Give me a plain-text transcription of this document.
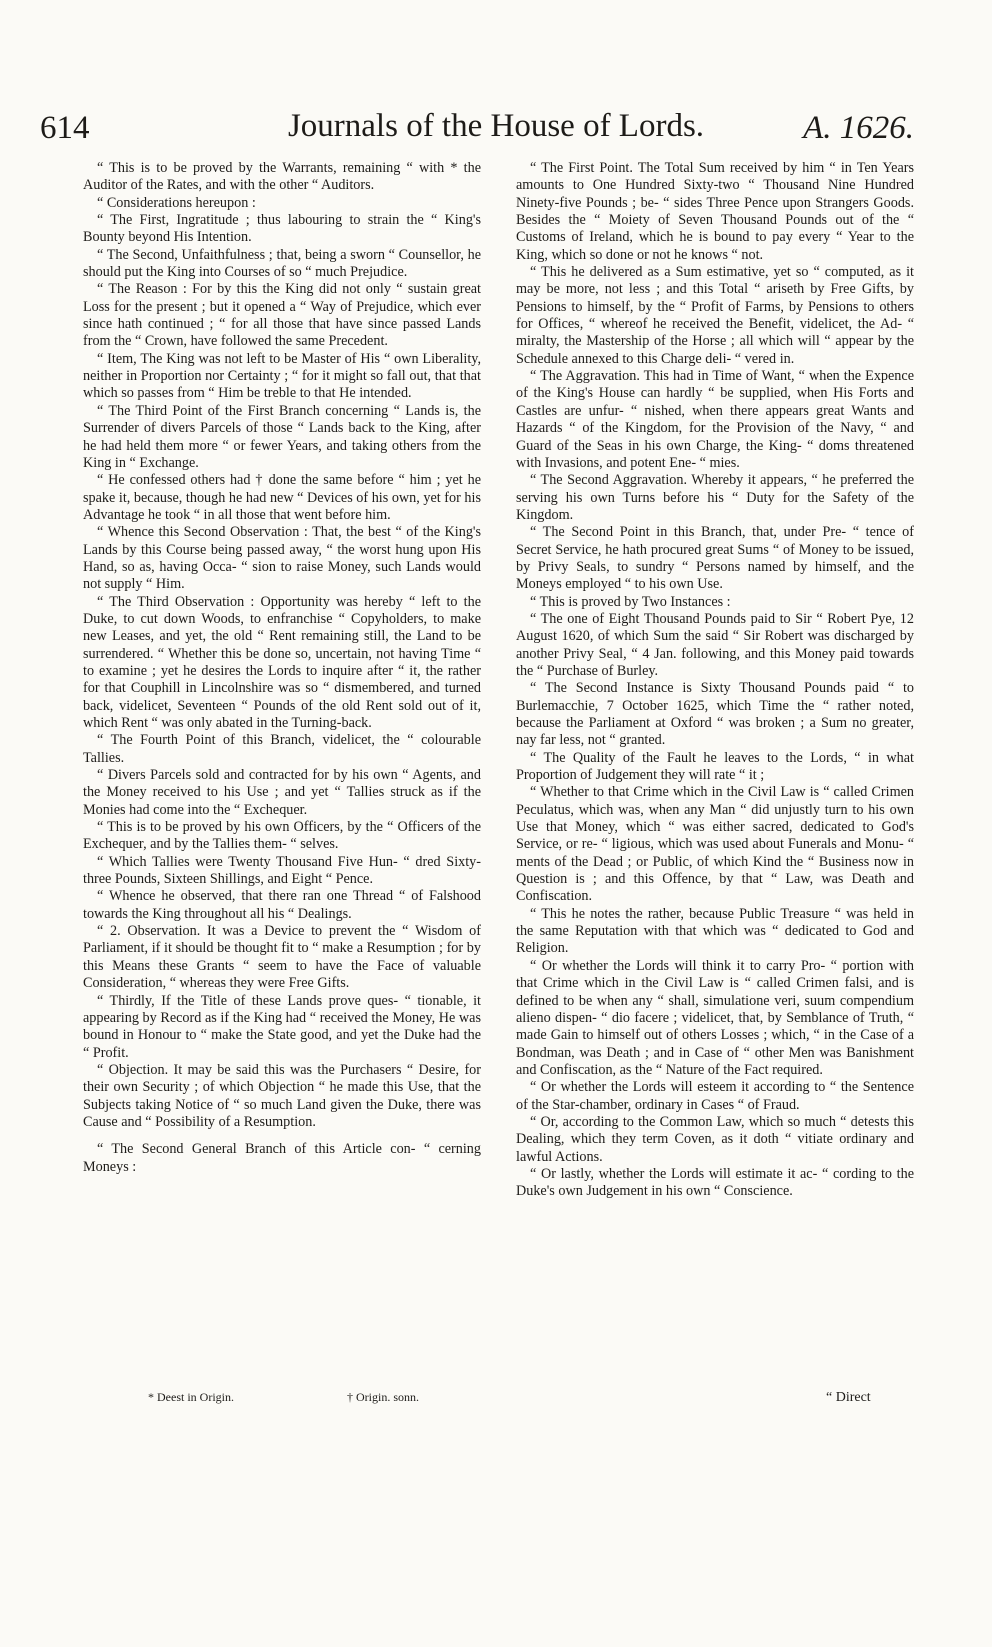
614	Journals of the House of Lords.	A. 1626.

“ This is to be proved by the Warrants, remaining “ with * the Auditor of the Rates, and with the other “ Auditors.

“ Considerations hereupon :

“ The First, Ingratitude ; thus labouring to strain the “ King's Bounty beyond His Intention.

“ The Second, Unfaithfulness ; that, being a sworn “ Counsellor, he should put the King into Courses of so “ much Prejudice.

“ The Reason : For by this the King did not only “ sustain great Loss for the present ; but it opened a “ Way of Prejudice, which ever since hath continued ; “ for all those that have since passed Lands from the “ Crown, have followed the same Precedent.

“ Item, The King was not left to be Master of His “ own Liberality, neither in Proportion nor Certainty ; “ for it might so fall out, that that which so passes from “ Him be treble to that He intended.

“ The Third Point of the First Branch concerning “ Lands is, the Surrender of divers Parcels of those “ Lands back to the King, after he had held them more “ or fewer Years, and taking others from the King in “ Exchange.

“ He confessed others had † done the same before “ him ; yet he spake it, because, though he had new “ Devices of his own, yet for his Advantage he took “ in all those that went before him.

“ Whence this Second Observation : That, the best “ of the King's Lands by this Course being passed away, “ the worst hung upon His Hand, so as, having Occa- “ sion to raise Money, such Lands would not supply “ Him.

“ The Third Observation : Opportunity was hereby “ left to the Duke, to cut down Woods, to enfranchise “ Copyholders, to make new Leases, and yet, the old “ Rent remaining still, the Land to be surrendered. “ Whether this be done so, uncertain, not having Time “ to examine ; yet he desires the Lords to inquire after “ it, the rather for that Couphill in Lincolnshire was so “ dismembered, and turned back, videlicet, Seventeen “ Pounds of the old Rent sold out of it, which Rent “ was only abated in the Turning-back.

“ The Fourth Point of this Branch, videlicet, the “ colourable Tallies.

“ Divers Parcels sold and contracted for by his own “ Agents, and the Money received to his Use ; and yet “ Tallies struck as if the Monies had come into the “ Exchequer.

“ This is to be proved by his own Officers, by the “ Officers of the Exchequer, and by the Tallies them- “ selves.

“ Which Tallies were Twenty Thousand Five Hun- “ dred Sixty-three Pounds, Sixteen Shillings, and Eight “ Pence.

“ Whence he observed, that there ran one Thread “ of Falshood towards the King throughout all his “ Dealings.

“ 2. Observation. It was a Device to prevent the “ Wisdom of Parliament, if it should be thought fit to “ make a Resumption ; for by this Means these Grants “ seem to have the Face of valuable Consideration, “ whereas they were Free Gifts.

“ Thirdly, If the Title of these Lands prove ques- “ tionable, it appearing by Record as if the King had “ received the Money, He was bound in Honour to “ make the State good, and yet the Duke had the “ Profit.

“ Objection. It may be said this was the Purchasers “ Desire, for their own Security ; of which Objection “ he made this Use, that the Subjects taking Notice of “ so much Land given the Duke, there was Cause and “ Possibility of a Resumption.

“ The Second General Branch of this Article con- “ cerning Moneys :

“ The First Point. The Total Sum received by him “ in Ten Years amounts to One Hundred Sixty-two “ Thousand Nine Hundred Ninety-five Pounds ; be- “ sides Three Pence upon Strangers Goods. Besides the “ Moiety of Seven Thousand Pounds out of the “ Customs of Ireland, which he is bound to pay every “ Year to the King, which so done or not he knows “ not.

“ This he delivered as a Sum estimative, yet so “ computed, as it may be more, not less ; and this Total “ ariseth by Free Gifts, by Pensions to himself, by the “ Profit of Farms, by Pensions to others for Offices, “ whereof he received the Benefit, videlicet, the Ad- “ miralty, the Mastership of the Horse ; all which will “ appear by the Schedule annexed to this Charge deli- “ vered in.

“ The Aggravation. This had in Time of Want, “ when the Expence of the King's House can hardly “ be supplied, when His Forts and Castles are unfur- “ nished, when there appears great Wants and Hazards “ of the Kingdom, for the Provision of the Navy, “ and Guard of the Seas in his own Charge, the King- “ doms threatened with Invasions, and potent Ene- “ mies.

“ The Second Aggravation. Whereby it appears, “ he preferred the serving his own Turns before his “ Duty for the Safety of the Kingdom.

“ The Second Point in this Branch, that, under Pre- “ tence of Secret Service, he hath procured great Sums “ of Money to be issued, by Privy Seals, to sundry “ Persons named by himself, and the Moneys employed “ to his own Use.

“ This is proved by Two Instances :

“ The one of Eight Thousand Pounds paid to Sir “ Robert Pye, 12 August 1620, of which Sum the said “ Sir Robert was discharged by another Privy Seal, “ 4 Jan. following, and this Money paid towards the “ Purchase of Burley.

“ The Second Instance is Sixty Thousand Pounds paid “ to Burlemacchie, 7 October 1625, which Time the “ rather noted, because the Parliament at Oxford “ was broken ; a Sum no greater, nay far less, not “ granted.

“ The Quality of the Fault he leaves to the Lords, “ in what Proportion of Judgement they will rate “ it ;

“ Whether to that Crime which in the Civil Law is “ called Crimen Peculatus, which was, when any Man “ did unjustly turn to his own Use that Money, which “ was either sacred, dedicated to God's Service, or re- “ ligious, which was used about Funerals and Monu- “ ments of the Dead ; or Public, of which Kind the “ Business now in Question is ; and this Offence, by that “ Law, was Death and Confiscation.

“ This he notes the rather, because Public Treasure “ was held in the same Reputation with that which was “ dedicated to God and Religion.

“ Or whether the Lords will think it to carry Pro- “ portion with that Crime which in the Civil Law is “ called Crimen falsi, and is defined to be when any “ shall, simulatione veri, suum compendium alieno dispen- “ dio facere ; videlicet, that, by Semblance of Truth, “ made Gain to himself out of others Losses ; which, “ in the Case of a Bondman, was Death ; and in Case of “ other Men was Banishment and Confiscation, as the “ Nature of the Fact required.

“ Or whether the Lords will esteem it according to “ the Sentence of the Star-chamber, ordinary in Cases “ of Fraud.

“ Or, according to the Common Law, which so much “ detests this Dealing, which they term Coven, as it doth “ vitiate ordinary and lawful Actions.

“ Or lastly, whether the Lords will estimate it ac- “ cording to the Duke's own Judgement in his own “ Conscience.

* Deest in Origin.	† Origin. sonn.	“ Direct
